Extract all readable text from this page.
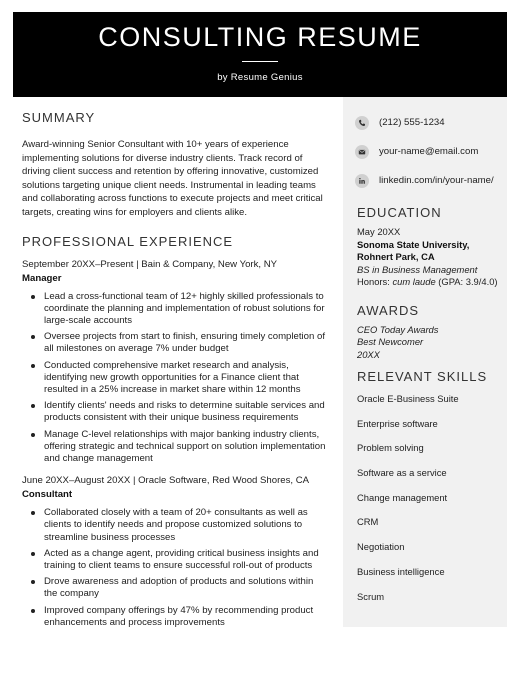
CONSULTING RESUME
by Resume Genius
SUMMARY
Award-winning Senior Consultant with 10+ years of experience implementing solutions for diverse industry clients. Track record of driving client success and retention by offering innovative, customized solutions targeting unique client needs. Instrumental in leading teams and collaborating across functions to execute projects and meet critical targets, creating wins for employers and clients alike.
PROFESSIONAL EXPERIENCE
September 20XX–Present | Bain & Company, New York, NY
Manager
Lead a cross-functional team of 12+ highly skilled professionals to coordinate the planning and implementation of robust solutions for large-scale accounts
Oversee projects from start to finish, ensuring timely completion of all milestones on average 7% under budget
Conducted comprehensive market research and analysis, identifying new growth opportunities for a Finance client that resulted in a 25% increase in market share within 12 months
Identify clients' needs and risks to determine suitable services and products consistent with their unique business requirements
Manage C-level relationships with major banking industry clients, offering strategic and technical support on solution implementation and change management
June 20XX–August 20XX | Oracle Software, Red Wood Shores, CA
Consultant
Collaborated closely with a team of 20+ consultants as well as clients to identify needs and propose customized solutions to streamline business processes
Acted as a change agent, providing critical business insights and training to client teams to ensure successful roll-out of products
Drove awareness and adoption of products and solutions within the company
Improved company offerings by 47% by recommending product enhancements and process improvements
(212) 555-1234
your-name@email.com
linkedin.com/in/your-name/
EDUCATION
May 20XX
Sonoma State University,
Rohnert Park, CA
BS in Business Management
Honors: cum laude (GPA: 3.9/4.0)
AWARDS
CEO Today Awards
Best Newcomer
20XX
RELEVANT SKILLS
Oracle E-Business Suite
Enterprise software
Problem solving
Software as a service
Change management
CRM
Negotiation
Business intelligence
Scrum
